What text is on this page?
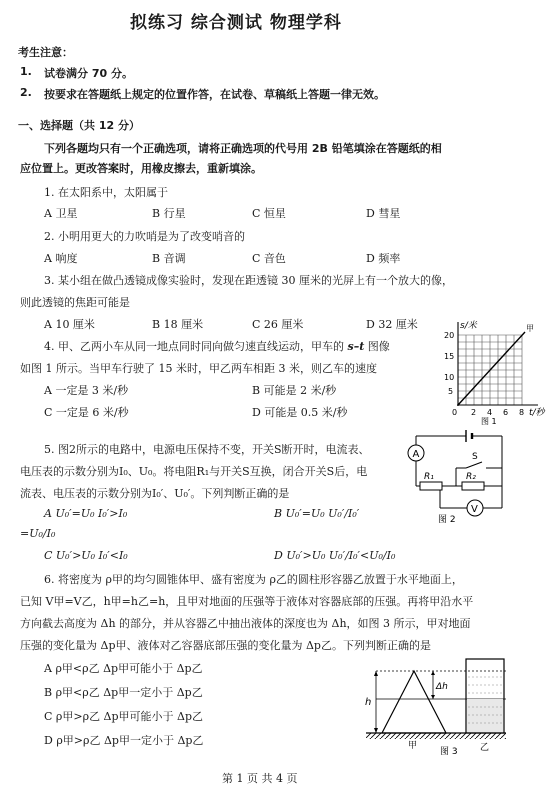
拟练习 综合测试 物理学科
考生注意：
1. 试卷满分 70 分。
2. 按要求在答题纸上规定的位置作答，在试卷、草稿纸上答题一律无效。
一、选择题（共 12 分）
下列各题均只有一个正确选项，请将正确选项的代号用 2B 铅笔填涂在答题纸的相
应位置上。更改答案时，用橡皮擦去，重新填涂。
1. 在太阳系中，太阳属于
A 卫星	B 行星	C 恒星	D 彗星
2. 小明用更大的力吹哨是为了改变哨音的
A 响度	B 音调	C 音色	D 频率
3. 某小组在做凸透镜成像实验时，发现在距透镜 30 厘米的光屏上有一个放大的像，
则此透镜的焦距可能是
A 10 厘米	B 18 厘米	C 26 厘米	D 32 厘米
4. 甲、乙两小车从同一地点同时同向做匀速直线运动，甲车的 s–t 图像
如图 1 所示。当甲车行驶了 15 米时，甲乙两车相距 3 米，则乙车的速度
A 一定是 3 米/秒	B 可能是 2 米/秒
C 一定是 6 米/秒	D 可能是 0.5 米/秒
s/米	甲
20
15
10
5
0 2 4 6 8 t/秒
图 1
5. 图2所示的电路中，电源电压保持不变，开关S断开时，电流表、
电压表的示数分别为I₀、U₀。将电阻R₁与开关S互换，闭合开关S后，电
流表、电压表的示数分别为I₀′、U₀′。下列判断正确的是
A U₀′=U₀ I₀′>I₀	B U₀′=U₀ U₀′/I₀′
=U₀/I₀
C U₀′>U₀ I₀′<I₀	D U₀′>U₀ U₀′/I₀′<U₀/I₀
A
R₁	R₂
S
V
图 2
6. 将密度为 ρ甲的均匀圆锥体甲、盛有密度为 ρ乙的圆柱形容器乙放置于水平地面上，
已知 V甲=V乙，h甲=h乙=h，且甲对地面的压强等于液体对容器底部的压强。再将甲沿水平
方向截去高度为 Δh 的部分，并从容器乙中抽出液体的深度也为 Δh，如图 3 所示，甲对地面
压强的变化量为 Δp甲、液体对乙容器底部压强的变化量为 Δp乙。下列判断正确的是
A ρ甲<ρ乙 Δp甲可能小于 Δp乙
B ρ甲<ρ乙 Δp甲一定小于 Δp乙
C ρ甲>ρ乙 Δp甲可能小于 Δp乙
D ρ甲>ρ乙 Δp甲一定小于 Δp乙
h
Δh
甲
图 3 乙
第 1 页 共 4 页
